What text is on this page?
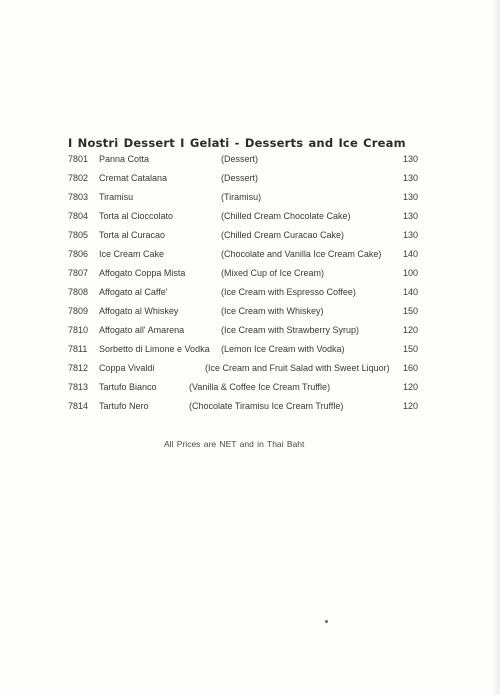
I Nostri Dessert I Gelati - Desserts and Ice Cream
7801 Panna Cotta	(Dessert)	130
7802 Cremat Catalana	(Dessert)	130
7803 Tiramisu	(Tiramisu)	130
7804 Torta al Cioccolato	(Chilled Cream Chocolate Cake)	130
7805 Torta al Curacao	(Chilled Cream Curacao Cake)	130
7806 Ice Cream Cake	(Chocolate and Vanilla Ice Cream Cake) 140
7807 Affogato Coppa Mista	(Mixed Cup of Ice Cream)	100
7808 Affogato al Caffe'	(Ice Cream with Espresso Coffee)	140
7809 Affogato al Whiskey	(Ice Cream with Whiskey)	150
7810 Affogato all' Amarena	(Ice Cream with Strawberry Syrup)	120
7811 Sorbetto di Limone e Vodka (Lemon Ice Cream with Vodka)	150
7812 Coppa Vivaldi	(Ice Cream and Fruit Salad with Sweet Liquor) 160
7813 Tartufo Bianco	(Vanilla & Coffee Ice Cream Truffle)	120
7814 Tartufo Nero	(Chocolate Tiramisu Ice Cream Truffle)	120
All Prices are NET and in Thai Baht
